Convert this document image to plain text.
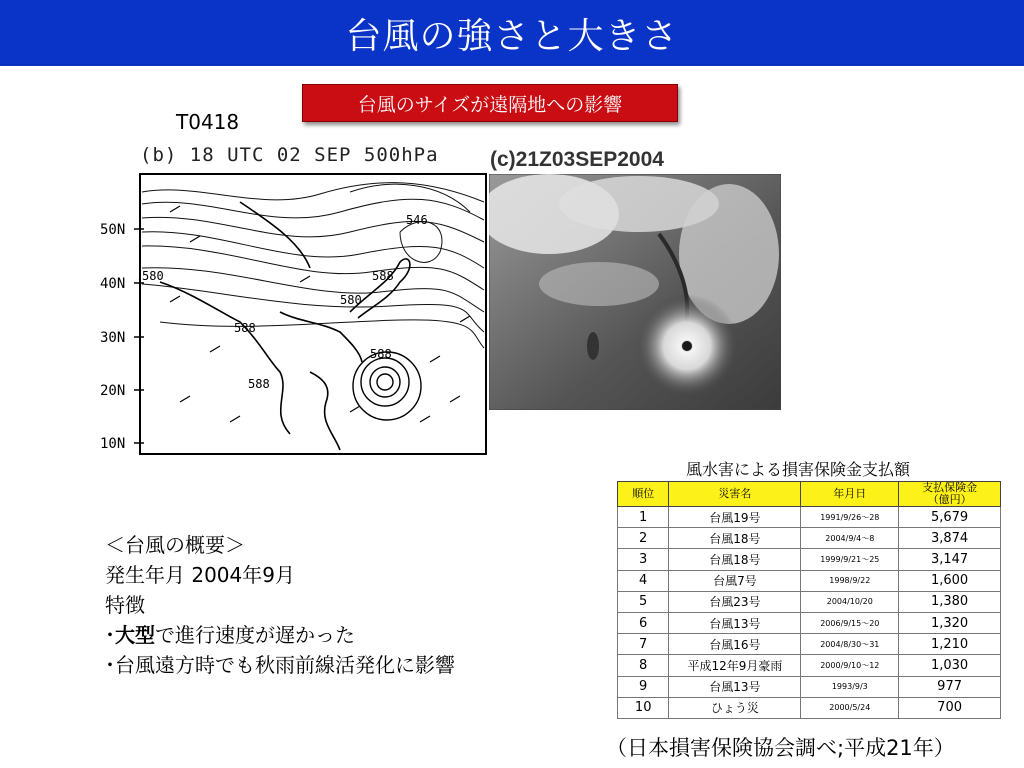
台風の強さと大きさ
台風のサイズが遠隔地への影響
T0418
(b) 18 UTC 02 SEP 500hPa
50N
40N
30N
20N
10N
546
588
580
580
588
588
588
(c)21Z03SEP2004
＜台風の概要＞
発生年月 2004年9月
特徴
･大型で進行速度が遅かった
･台風遠方時でも秋雨前線活発化に影響
風水害による損害保険金支払額
順位	災害名	年月日	支払保険金
（億円）
1	台風19号	1991/9/26〜28	5,679
2	台風18号	2004/9/4〜8	3,874
3	台風18号	1999/9/21〜25	3,147
4	台風7号	1998/9/22	1,600
5	台風23号	2004/10/20	1,380
6	台風13号	2006/9/15〜20	1,320
7	台風16号	2004/8/30〜31	1,210
8	平成12年9月豪雨	2000/9/10〜12	1,030
9	台風13号	1993/9/3	977
10	ひょう災	2000/5/24	700
（日本損害保険協会調べ;平成21年）
